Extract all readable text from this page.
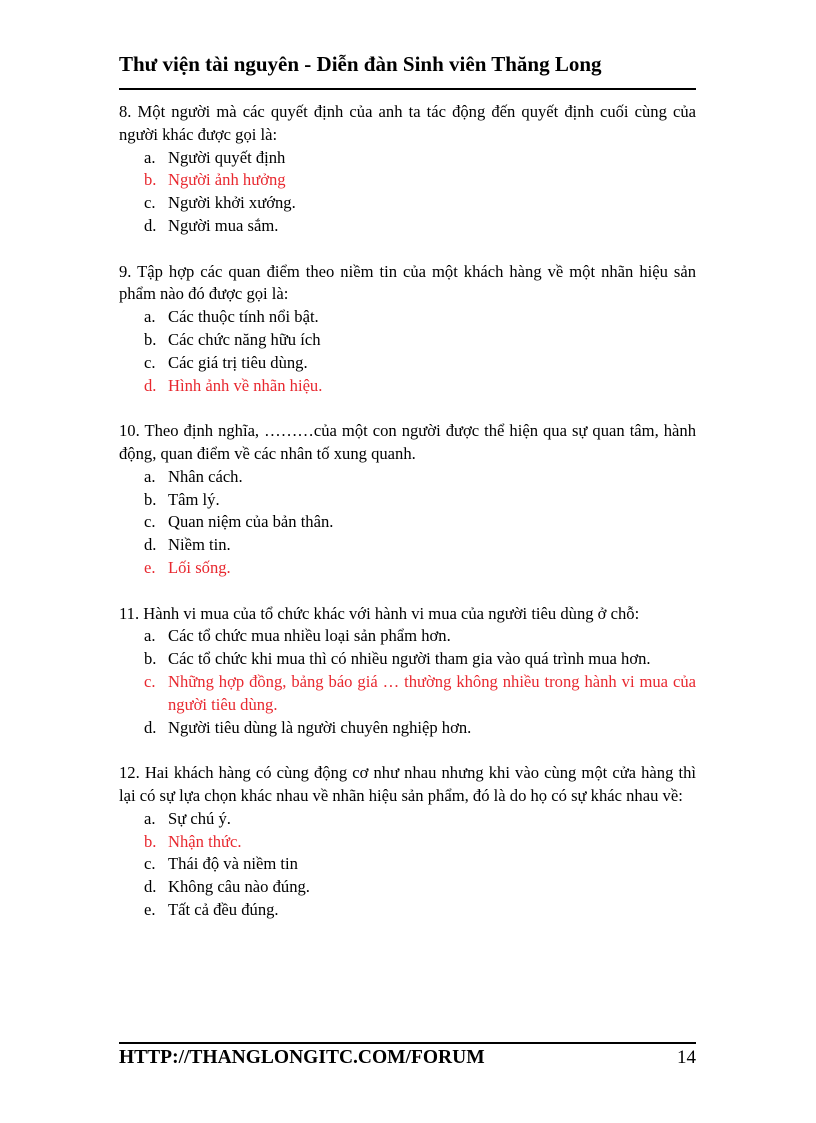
Thư viện tài nguyên - Diễn đàn Sinh viên Thăng Long
8. Một người mà các quyết định của anh ta tác động đến quyết định cuối cùng của người khác được gọi là:
a. Người quyết định
b. Người ảnh hưởng
c. Người khởi xướng.
d. Người mua sắm.
9. Tập hợp các quan điểm theo niềm tin của một khách hàng về một nhãn hiệu sản phẩm nào đó được gọi là:
a. Các thuộc tính nổi bật.
b. Các chức năng hữu ích
c. Các giá trị tiêu dùng.
d. Hình ảnh về nhãn hiệu.
10. Theo định nghĩa, ………của một con người được thể hiện qua sự quan tâm, hành động, quan điểm về các nhân tố xung quanh.
a. Nhân cách.
b. Tâm lý.
c. Quan niệm của bản thân.
d. Niềm tin.
e. Lối sống.
11. Hành vi mua của tổ chức khác với hành vi mua của người tiêu dùng ở chỗ:
a. Các tổ chức mua nhiều loại sản phẩm hơn.
b. Các tổ chức khi mua thì có nhiều người tham gia vào quá trình mua hơn.
c. Những hợp đồng, bảng báo giá … thường không nhiều trong hành vi mua của người tiêu dùng.
d. Người tiêu dùng là người chuyên nghiệp hơn.
12. Hai khách hàng có cùng động cơ như nhau nhưng khi vào cùng một cửa hàng thì lại có sự lựa chọn khác nhau về nhãn hiệu sản phẩm, đó là do họ có sự khác nhau về:
a. Sự chú ý.
b. Nhận thức.
c. Thái độ và niềm tin
d. Không câu nào đúng.
e. Tất cả đều đúng.
HTTP://THANGLONGITC.COM/FORUM	14
